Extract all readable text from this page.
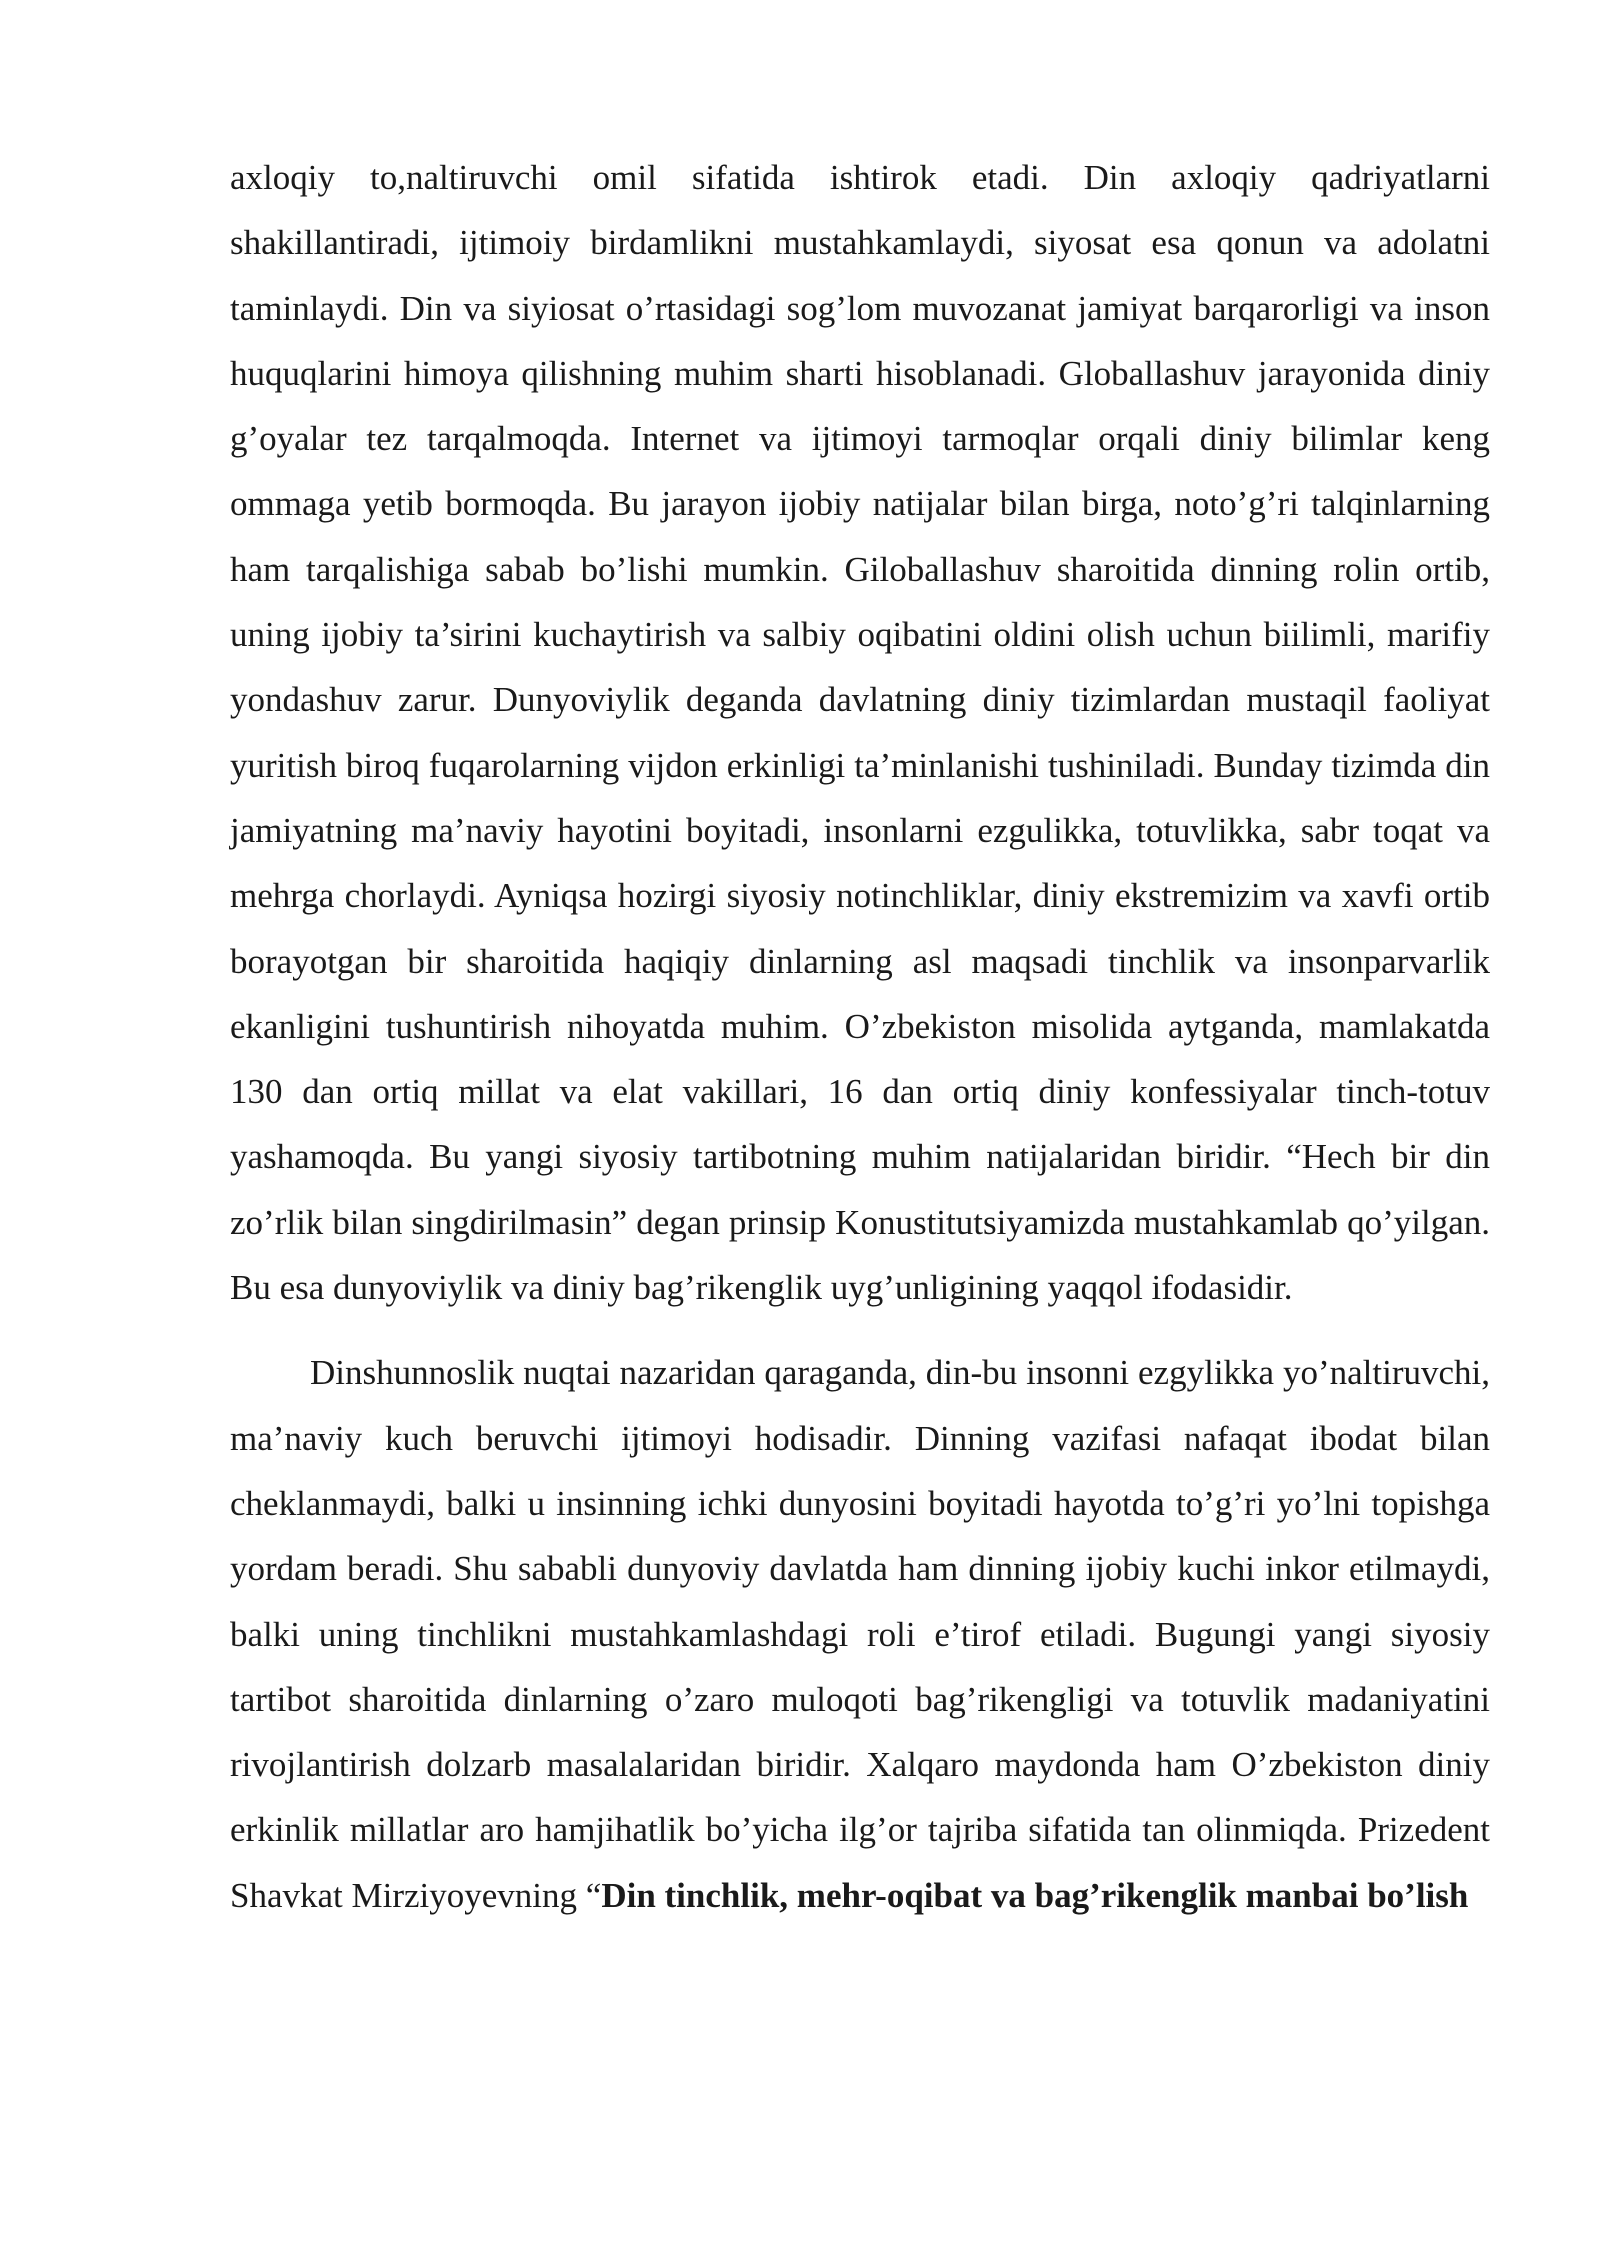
axloqiy to,naltiruvchi omil sifatida ishtirok etadi. Din axloqiy qadriyatlarni shakillantiradi, ijtimoiy birdamlikni mustahkamlaydi, siyosat esa qonun va adolatni taminlaydi. Din va siyiosat o’rtasidagi sog’lom muvozanat jamiyat barqarorligi va inson huquqlarini himoya qilishning muhim sharti hisoblanadi. Globallashuv jarayonida diniy g’oyalar tez tarqalmoqda. Internet va ijtimoyi tarmoqlar orqali diniy bilimlar keng ommaga yetib bormoqda. Bu jarayon ijobiy natijalar bilan birga, noto’g’ri talqinlarning ham tarqalishiga sabab bo’lishi mumkin. Giloballashuv sharoitida dinning rolin ortib, uning ijobiy ta’sirini kuchaytirish va salbiy oqibatini oldini olish uchun biilimli, marifiy yondashuv zarur. Dunyoviylik deganda davlatning diniy tizimlardan mustaqil faoliyat yuritish biroq fuqarolarning vijdon erkinligi ta’minlanishi tushiniladi. Bunday tizimda din jamiyatning ma’naviy hayotini boyitadi, insonlarni ezgulikka, totuvlikka, sabr toqat va mehrga chorlaydi. Ayniqsa hozirgi siyosiy notinchliklar, diniy ekstremizim va xavfi ortib borayotgan bir sharoitida haqiqiy dinlarning asl maqsadi tinchlik va insonparvarlik ekanligini tushuntirish nihoyatda muhim. O’zbekiston misolida aytganda, mamlakatda 130 dan ortiq millat va elat vakillari, 16 dan ortiq diniy konfessiyalar tinch-totuv yashamoqda. Bu yangi siyosiy tartibotning muhim natijalaridan biridir. “Hech bir din zo’rlik bilan singdirilmasin” degan prinsip Konustitutsiyamizda mustahkamlab qo’yilgan. Bu esa dunyoviylik va diniy bag’rikenglik uyg’unligining yaqqol ifodasidir.

Dinshunnoslik nuqtai nazaridan qaraganda, din-bu insonni ezgylikka yo’naltiruvchi, ma’naviy kuch beruvchi ijtimoyi hodisadir. Dinning vazifasi nafaqat ibodat bilan cheklanmaydi, balki u insinning ichki dunyosini boyitadi hayotda to’g’ri yo’lni topishga yordam beradi. Shu sababli dunyoviy davlatda ham dinning ijobiy kuchi inkor etilmaydi, balki uning tinchlikni mustahkamlashdagi roli e’tirof etiladi. Bugungi yangi siyosiy tartibot sharoitida dinlarning o’zaro muloqoti bag’rikengligi va totuvlik madaniyatini rivojlantirish dolzarb masalalaridan biridir. Xalqaro maydonda ham O’zbekiston diniy erkinlik millatlar aro hamjihatlik bo’yicha ilg’or tajriba sifatida tan olinmiqda. Prizedent Shavkat Mirziyoyevning “Din tinchlik, mehr-oqibat va bag’rikenglik manbai bo’lish
